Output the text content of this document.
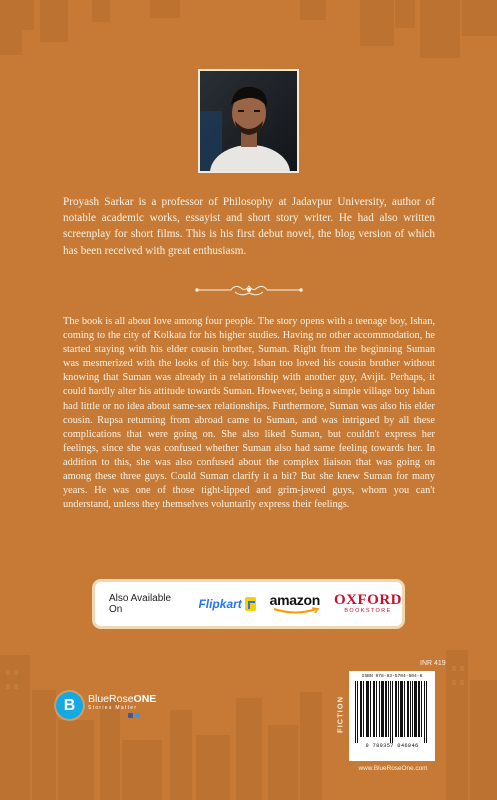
Proyash Sarkar is a professor of Philosophy at Jadavpur University, author of notable academic works, essayist and short story writer. He had also written screenplay for short films. This is his first debut novel, the blog version of which has been received with great enthusiasm.

The book is all about love among four people. The story opens with a teenage boy, Ishan, coming to the city of Kolkata for his higher studies. Having no other accommodation, he started staying with his elder cousin brother, Suman. Right from the beginning Suman was mesmerized with the looks of this boy. Ishan too loved his cousin brother without knowing that Suman was already in a relationship with another guy, Avijit. Perhaps, it could hardly alter his attitude towards Suman. However, being a simple village boy Ishan had little or no idea about same-sex relationships. Furthermore, Suman was also his elder cousin. Rupsa returning from abroad came to Suman, and was intrigued by all these complications that were going on. She also liked Suman, but couldn't express her feelings, since she was confused whether Suman also had same feeling towards her. In addition to this, she was also confused about the complex liaison that was going on among these three guys. Could Suman clarify it a bit? But she knew Suman for many years. He was one of those tight-lipped and grim-jawed guys, whom you can't understand, unless they themselves voluntarily express their feelings.

Also Available On	Flipkart amazon OXFORD
BOOKSTORE
INR 419
FICTION
ISBN 978-93-5704-604-6
9 789357 046046
www.BlueRoseOne.com
B	BlueRoseONE
Stories Matter
